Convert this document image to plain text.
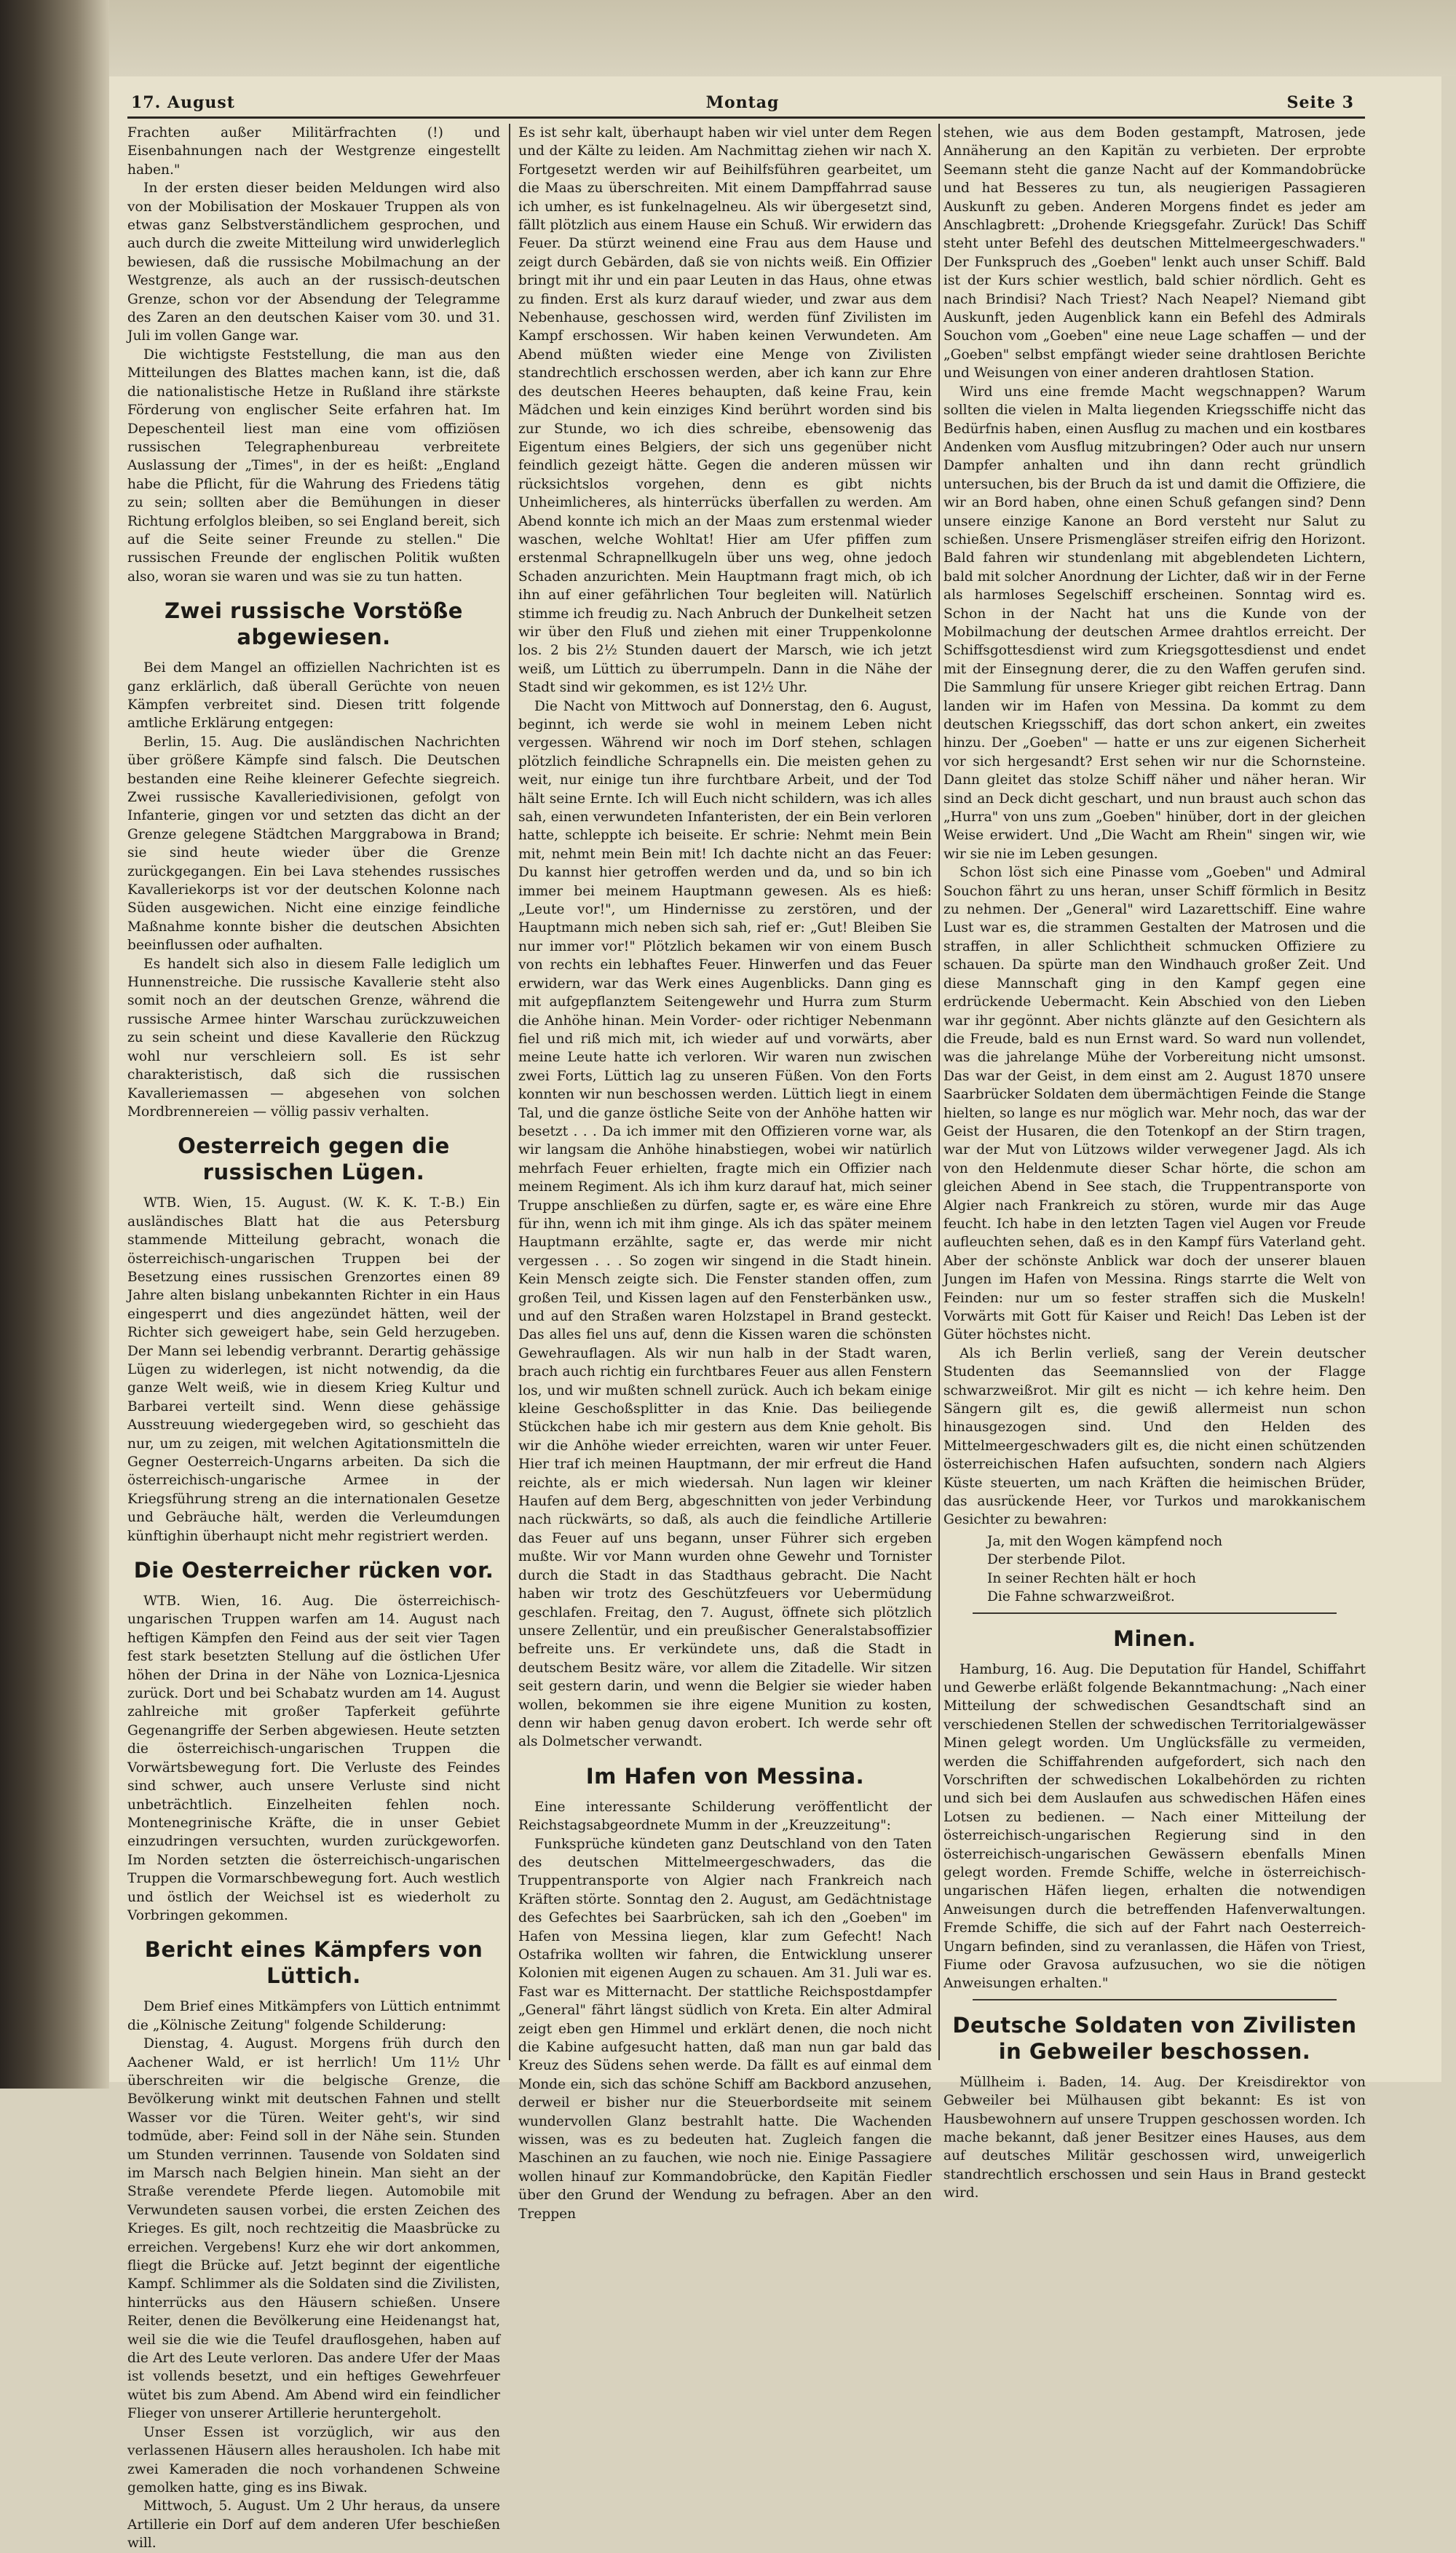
17. August	Montag	Seite 3

Frachten außer Militärfrachten (!) und Eisenbahnungen nach der Westgrenze eingestellt haben."

In der ersten dieser beiden Meldungen wird also von der Mobilisation der Moskauer Truppen als von etwas ganz Selbstverständlichem gesprochen, und auch durch die zweite Mitteilung wird unwiderleglich bewiesen, daß die russische Mobilmachung an der Westgrenze, als auch an der russisch-deutschen Grenze, schon vor der Absendung der Telegramme des Zaren an den deutschen Kaiser vom 30. und 31. Juli im vollen Gange war.

Die wichtigste Feststellung, die man aus den Mitteilungen des Blattes machen kann, ist die, daß die nationalistische Hetze in Rußland ihre stärkste Förderung von englischer Seite erfahren hat. Im Depeschenteil liest man eine vom offiziösen russischen Telegraphenbureau verbreitete Auslassung der „Times", in der es heißt: „England habe die Pflicht, für die Wahrung des Friedens tätig zu sein; sollten aber die Bemühungen in dieser Richtung erfolglos bleiben, so sei England bereit, sich auf die Seite seiner Freunde zu stellen." Die russischen Freunde der englischen Politik wußten also, woran sie waren und was sie zu tun hatten.

Zwei russische Vorstöße abgewiesen.

Bei dem Mangel an offiziellen Nachrichten ist es ganz erklärlich, daß überall Gerüchte von neuen Kämpfen verbreitet sind. Diesen tritt folgende amtliche Erklärung entgegen:

Berlin, 15. Aug. Die ausländischen Nachrichten über größere Kämpfe sind falsch. Die Deutschen bestanden eine Reihe kleinerer Gefechte siegreich. Zwei russische Kavalleriedivisionen, gefolgt von Infanterie, gingen vor und setzten das dicht an der Grenze gelegene Städtchen Marggrabowa in Brand; sie sind heute wieder über die Grenze zurückgegangen. Ein bei Lava stehendes russisches Kavalleriekorps ist vor der deutschen Kolonne nach Süden ausgewichen. Nicht eine einzige feindliche Maßnahme konnte bisher die deutschen Absichten beeinflussen oder aufhalten.

Es handelt sich also in diesem Falle lediglich um Hunnenstreiche. Die russische Kavallerie steht also somit noch an der deutschen Grenze, während die russische Armee hinter Warschau zurückzuweichen zu sein scheint und diese Kavallerie den Rückzug wohl nur verschleiern soll. Es ist sehr charakteristisch, daß sich die russischen Kavalleriemassen — abgesehen von solchen Mordbrennereien — völlig passiv verhalten.

Oesterreich gegen die russischen Lügen.

WTB. Wien, 15. August. (W. K. K. T.-B.) Ein ausländisches Blatt hat die aus Petersburg stammende Mitteilung gebracht, wonach die österreichisch-ungarischen Truppen bei der Besetzung eines russischen Grenzortes einen 89 Jahre alten bislang unbekannten Richter in ein Haus eingesperrt und dies angezündet hätten, weil der Richter sich geweigert habe, sein Geld herzugeben. Der Mann sei lebendig verbrannt. Derartig gehässige Lügen zu widerlegen, ist nicht notwendig, da die ganze Welt weiß, wie in diesem Krieg Kultur und Barbarei verteilt sind. Wenn diese gehässige Ausstreuung wiedergegeben wird, so geschieht das nur, um zu zeigen, mit welchen Agitationsmitteln die Gegner Oesterreich-Ungarns arbeiten. Da sich die österreichisch-ungarische Armee in der Kriegsführung streng an die internationalen Gesetze und Gebräuche hält, werden die Verleumdungen künftighin überhaupt nicht mehr registriert werden.

Die Oesterreicher rücken vor.

WTB. Wien, 16. Aug. Die österreichisch-ungarischen Truppen warfen am 14. August nach heftigen Kämpfen den Feind aus der seit vier Tagen fest stark besetzten Stellung auf die östlichen Ufer höhen der Drina in der Nähe von Loznica-Ljesnica zurück. Dort und bei Schabatz wurden am 14. August zahlreiche mit großer Tapferkeit geführte Gegenangriffe der Serben abgewiesen. Heute setzten die österreichisch-ungarischen Truppen die Vorwärtsbewegung fort. Die Verluste des Feindes sind schwer, auch unsere Verluste sind nicht unbeträchtlich. Einzelheiten fehlen noch. Montenegrinische Kräfte, die in unser Gebiet einzudringen versuchten, wurden zurückgeworfen. Im Norden setzten die österreichisch-ungarischen Truppen die Vormarschbewegung fort. Auch westlich und östlich der Weichsel ist es wiederholt zu Vorbringen gekommen.

Bericht eines Kämpfers von Lüttich.

Dem Brief eines Mitkämpfers von Lüttich entnimmt die „Kölnische Zeitung" folgende Schilderung:

Dienstag, 4. August. Morgens früh durch den Aachener Wald, er ist herrlich! Um 11½ Uhr überschreiten wir die belgische Grenze, die Bevölkerung winkt mit deutschen Fahnen und stellt Wasser vor die Türen. Weiter geht's, wir sind todmüde, aber: Feind soll in der Nähe sein. Stunden um Stunden verrinnen. Tausende von Soldaten sind im Marsch nach Belgien hinein. Man sieht an der Straße verendete Pferde liegen. Automobile mit Verwundeten sausen vorbei, die ersten Zeichen des Krieges. Es gilt, noch rechtzeitig die Maasbrücke zu erreichen. Vergebens! Kurz ehe wir dort ankommen, fliegt die Brücke auf. Jetzt beginnt der eigentliche Kampf. Schlimmer als die Soldaten sind die Zivilisten, hinterrücks aus den Häusern schießen. Unsere Reiter, denen die Bevölkerung eine Heidenangst hat, weil sie die wie die Teufel drauflosgehen, haben auf die Art des Leute verloren. Das andere Ufer der Maas ist vollends besetzt, und ein heftiges Gewehrfeuer wütet bis zum Abend. Am Abend wird ein feindlicher Flieger von unserer Artillerie heruntergeholt.

Unser Essen ist vorzüglich, wir aus den verlassenen Häusern alles herausholen. Ich habe mit zwei Kameraden die noch vorhandenen Schweine gemolken hatte, ging es ins Biwak.

Mittwoch, 5. August. Um 2 Uhr heraus, da unsere Artillerie ein Dorf auf dem anderen Ufer beschießen will.

Es ist sehr kalt, überhaupt haben wir viel unter dem Regen und der Kälte zu leiden. Am Nachmittag ziehen wir nach X. Fortgesetzt werden wir auf Beihilfsführen gearbeitet, um die Maas zu überschreiten. Mit einem Dampffahrrad sause ich umher, es ist funkelnagelneu. Als wir übergesetzt sind, fällt plötzlich aus einem Hause ein Schuß. Wir erwidern das Feuer. Da stürzt weinend eine Frau aus dem Hause und zeigt durch Gebärden, daß sie von nichts weiß. Ein Offizier bringt mit ihr und ein paar Leuten in das Haus, ohne etwas zu finden. Erst als kurz darauf wieder, und zwar aus dem Nebenhause, geschossen wird, werden fünf Zivilisten im Kampf erschossen. Wir haben keinen Verwundeten. Am Abend müßten wieder eine Menge von Zivilisten standrechtlich erschossen werden, aber ich kann zur Ehre des deutschen Heeres behaupten, daß keine Frau, kein Mädchen und kein einziges Kind berührt worden sind bis zur Stunde, wo ich dies schreibe, ebensowenig das Eigentum eines Belgiers, der sich uns gegenüber nicht feindlich gezeigt hätte. Gegen die anderen müssen wir rücksichtslos vorgehen, denn es gibt nichts Unheimlicheres, als hinterrücks überfallen zu werden. Am Abend konnte ich mich an der Maas zum erstenmal wieder waschen, welche Wohltat! Hier am Ufer pfiffen zum erstenmal Schrapnellkugeln über uns weg, ohne jedoch Schaden anzurichten. Mein Hauptmann fragt mich, ob ich ihn auf einer gefährlichen Tour begleiten will. Natürlich stimme ich freudig zu. Nach Anbruch der Dunkelheit setzen wir über den Fluß und ziehen mit einer Truppenkolonne los. 2 bis 2½ Stunden dauert der Marsch, wie ich jetzt weiß, um Lüttich zu überrumpeln. Dann in die Nähe der Stadt sind wir gekommen, es ist 12½ Uhr.

Die Nacht von Mittwoch auf Donnerstag, den 6. August, beginnt, ich werde sie wohl in meinem Leben nicht vergessen. Während wir noch im Dorf stehen, schlagen plötzlich feindliche Schrapnells ein. Die meisten gehen zu weit, nur einige tun ihre furchtbare Arbeit, und der Tod hält seine Ernte. Ich will Euch nicht schildern, was ich alles sah, einen verwundeten Infanteristen, der ein Bein verloren hatte, schleppte ich beiseite. Er schrie: Nehmt mein Bein mit, nehmt mein Bein mit! Ich dachte nicht an das Feuer: Du kannst hier getroffen werden und da, und so bin ich immer bei meinem Hauptmann gewesen. Als es hieß: „Leute vor!", um Hindernisse zu zerstören, und der Hauptmann mich neben sich sah, rief er: „Gut! Bleiben Sie nur immer vor!" Plötzlich bekamen wir von einem Busch von rechts ein lebhaftes Feuer. Hinwerfen und das Feuer erwidern, war das Werk eines Augenblicks. Dann ging es mit aufgepflanztem Seitengewehr und Hurra zum Sturm die Anhöhe hinan. Mein Vorder- oder richtiger Nebenmann fiel und riß mich mit, ich wieder auf und vorwärts, aber meine Leute hatte ich verloren. Wir waren nun zwischen zwei Forts, Lüttich lag zu unseren Füßen. Von den Forts konnten wir nun beschossen werden. Lüttich liegt in einem Tal, und die ganze östliche Seite von der Anhöhe hatten wir besetzt . . . Da ich immer mit den Offizieren vorne war, als wir langsam die Anhöhe hinabstiegen, wobei wir natürlich mehrfach Feuer erhielten, fragte mich ein Offizier nach meinem Regiment. Als ich ihm kurz darauf hat, mich seiner Truppe anschließen zu dürfen, sagte er, es wäre eine Ehre für ihn, wenn ich mit ihm ginge. Als ich das später meinem Hauptmann erzählte, sagte er, das werde mir nicht vergessen . . . So zogen wir singend in die Stadt hinein. Kein Mensch zeigte sich. Die Fenster standen offen, zum großen Teil, und Kissen lagen auf den Fensterbänken usw., und auf den Straßen waren Holzstapel in Brand gesteckt. Das alles fiel uns auf, denn die Kissen waren die schönsten Gewehrauflagen. Als wir nun halb in der Stadt waren, brach auch richtig ein furchtbares Feuer aus allen Fenstern los, und wir mußten schnell zurück. Auch ich bekam einige kleine Geschoßsplitter in das Knie. Das beiliegende Stückchen habe ich mir gestern aus dem Knie geholt. Bis wir die Anhöhe wieder erreichten, waren wir unter Feuer. Hier traf ich meinen Hauptmann, der mir erfreut die Hand reichte, als er mich wiedersah. Nun lagen wir kleiner Haufen auf dem Berg, abgeschnitten von jeder Verbindung nach rückwärts, so daß, als auch die feindliche Artillerie das Feuer auf uns begann, unser Führer sich ergeben mußte. Wir vor Mann wurden ohne Gewehr und Tornister durch die Stadt in das Stadthaus gebracht. Die Nacht haben wir trotz des Geschützfeuers vor Uebermüdung geschlafen. Freitag, den 7. August, öffnete sich plötzlich unsere Zellentür, und ein preußischer Generalstabsoffizier befreite uns. Er verkündete uns, daß die Stadt in deutschem Besitz wäre, vor allem die Zitadelle. Wir sitzen seit gestern darin, und wenn die Belgier sie wieder haben wollen, bekommen sie ihre eigene Munition zu kosten, denn wir haben genug davon erobert. Ich werde sehr oft als Dolmetscher verwandt.

Im Hafen von Messina.

Eine interessante Schilderung veröffentlicht der Reichstagsabgeordnete Mumm in der „Kreuzzeitung":

Funksprüche kündeten ganz Deutschland von den Taten des deutschen Mittelmeergeschwaders, das die Truppentransporte von Algier nach Frankreich nach Kräften störte. Sonntag den 2. August, am Gedächtnistage des Gefechtes bei Saarbrücken, sah ich den „Goeben" im Hafen von Messina liegen, klar zum Gefecht! Nach Ostafrika wollten wir fahren, die Entwicklung unserer Kolonien mit eigenen Augen zu schauen. Am 31. Juli war es. Fast war es Mitternacht. Der stattliche Reichspostdampfer „General" fährt längst südlich von Kreta. Ein alter Admiral zeigt eben gen Himmel und erklärt denen, die noch nicht die Kabine aufgesucht hatten, daß man nun gar bald das Kreuz des Südens sehen werde. Da fällt es auf einmal dem Monde ein, sich das schöne Schiff am Backbord anzusehen, derweil er bisher nur die Steuerbordseite mit seinem wundervollen Glanz bestrahlt hatte. Die Wachenden wissen, was es zu bedeuten hat. Zugleich fangen die Maschinen an zu fauchen, wie noch nie. Einige Passagiere wollen hinauf zur Kommandobrücke, den Kapitän Fiedler über den Grund der Wendung zu befragen. Aber an den Treppen

stehen, wie aus dem Boden gestampft, Matrosen, jede Annäherung an den Kapitän zu verbieten. Der erprobte Seemann steht die ganze Nacht auf der Kommandobrücke und hat Besseres zu tun, als neugierigen Passagieren Auskunft zu geben. Anderen Morgens findet es jeder am Anschlagbrett: „Drohende Kriegsgefahr. Zurück! Das Schiff steht unter Befehl des deutschen Mittelmeergeschwaders." Der Funkspruch des „Goeben" lenkt auch unser Schiff. Bald ist der Kurs schier westlich, bald schier nördlich. Geht es nach Brindisi? Nach Triest? Nach Neapel? Niemand gibt Auskunft, jeden Augenblick kann ein Befehl des Admirals Souchon vom „Goeben" eine neue Lage schaffen — und der „Goeben" selbst empfängt wieder seine drahtlosen Berichte und Weisungen von einer anderen drahtlosen Station.

Wird uns eine fremde Macht wegschnappen? Warum sollten die vielen in Malta liegenden Kriegsschiffe nicht das Bedürfnis haben, einen Ausflug zu machen und ein kostbares Andenken vom Ausflug mitzubringen? Oder auch nur unsern Dampfer anhalten und ihn dann recht gründlich untersuchen, bis der Bruch da ist und damit die Offiziere, die wir an Bord haben, ohne einen Schuß gefangen sind? Denn unsere einzige Kanone an Bord versteht nur Salut zu schießen. Unsere Prismengläser streifen eifrig den Horizont. Bald fahren wir stundenlang mit abgeblendeten Lichtern, bald mit solcher Anordnung der Lichter, daß wir in der Ferne als harmloses Segelschiff erscheinen. Sonntag wird es. Schon in der Nacht hat uns die Kunde von der Mobilmachung der deutschen Armee drahtlos erreicht. Der Schiffsgottesdienst wird zum Kriegsgottesdienst und endet mit der Einsegnung derer, die zu den Waffen gerufen sind. Die Sammlung für unsere Krieger gibt reichen Ertrag. Dann landen wir im Hafen von Messina. Da kommt zu dem deutschen Kriegsschiff, das dort schon ankert, ein zweites hinzu. Der „Goeben" — hatte er uns zur eigenen Sicherheit vor sich hergesandt? Erst sehen wir nur die Schornsteine. Dann gleitet das stolze Schiff näher und näher heran. Wir sind an Deck dicht geschart, und nun braust auch schon das „Hurra" von uns zum „Goeben" hinüber, dort in der gleichen Weise erwidert. Und „Die Wacht am Rhein" singen wir, wie wir sie nie im Leben gesungen.

Schon löst sich eine Pinasse vom „Goeben" und Admiral Souchon fährt zu uns heran, unser Schiff förmlich in Besitz zu nehmen. Der „General" wird Lazarettschiff. Eine wahre Lust war es, die strammen Gestalten der Matrosen und die straffen, in aller Schlichtheit schmucken Offiziere zu schauen. Da spürte man den Windhauch großer Zeit. Und diese Mannschaft ging in den Kampf gegen eine erdrückende Uebermacht. Kein Abschied von den Lieben war ihr gegönnt. Aber nichts glänzte auf den Gesichtern als die Freude, bald es nun Ernst ward. So ward nun vollendet, was die jahrelange Mühe der Vorbereitung nicht umsonst. Das war der Geist, in dem einst am 2. August 1870 unsere Saarbrücker Soldaten dem übermächtigen Feinde die Stange hielten, so lange es nur möglich war. Mehr noch, das war der Geist der Husaren, die den Totenkopf an der Stirn tragen, war der Mut von Lützows wilder verwegener Jagd. Als ich von den Heldenmute dieser Schar hörte, die schon am gleichen Abend in See stach, die Truppentransporte von Algier nach Frankreich zu stören, wurde mir das Auge feucht. Ich habe in den letzten Tagen viel Augen vor Freude aufleuchten sehen, daß es in den Kampf fürs Vaterland geht. Aber der schönste Anblick war doch der unserer blauen Jungen im Hafen von Messina. Rings starrte die Welt von Feinden: nur um so fester straffen sich die Muskeln! Vorwärts mit Gott für Kaiser und Reich! Das Leben ist der Güter höchstes nicht.

Als ich Berlin verließ, sang der Verein deutscher Studenten das Seemannslied von der Flagge schwarzweißrot. Mir gilt es nicht — ich kehre heim. Den Sängern gilt es, die gewiß allermeist nun schon hinausgezogen sind. Und den Helden des Mittelmeergeschwaders gilt es, die nicht einen schützenden österreichischen Hafen aufsuchten, sondern nach Algiers Küste steuerten, um nach Kräften die heimischen Brüder, das ausrückende Heer, vor Turkos und marokkanischem Gesichter zu bewahren:

Ja, mit den Wogen kämpfend noch
Der sterbende Pilot.
In seiner Rechten hält er hoch
Die Fahne schwarzweißrot.
Minen.

Hamburg, 16. Aug. Die Deputation für Handel, Schiffahrt und Gewerbe erläßt folgende Bekanntmachung: „Nach einer Mitteilung der schwedischen Gesandtschaft sind an verschiedenen Stellen der schwedischen Territorialgewässer Minen gelegt worden. Um Unglücksfälle zu vermeiden, werden die Schiffahrenden aufgefordert, sich nach den Vorschriften der schwedischen Lokalbehörden zu richten und sich bei dem Auslaufen aus schwedischen Häfen eines Lotsen zu bedienen. — Nach einer Mitteilung der österreichisch-ungarischen Regierung sind in den österreichisch-ungarischen Gewässern ebenfalls Minen gelegt worden. Fremde Schiffe, welche in österreichisch-ungarischen Häfen liegen, erhalten die notwendigen Anweisungen durch die betreffenden Hafenverwaltungen. Fremde Schiffe, die sich auf der Fahrt nach Oesterreich-Ungarn befinden, sind zu veranlassen, die Häfen von Triest, Fiume oder Gravosa aufzusuchen, wo sie die nötigen Anweisungen erhalten."

Deutsche Soldaten von Zivilisten in Gebweiler beschossen.

Müllheim i. Baden, 14. Aug. Der Kreisdirektor von Gebweiler bei Mülhausen gibt bekannt: Es ist von Hausbewohnern auf unsere Truppen geschossen worden. Ich mache bekannt, daß jener Besitzer eines Hauses, aus dem auf deutsches Militär geschossen wird, unweigerlich standrechtlich erschossen und sein Haus in Brand gesteckt wird.
